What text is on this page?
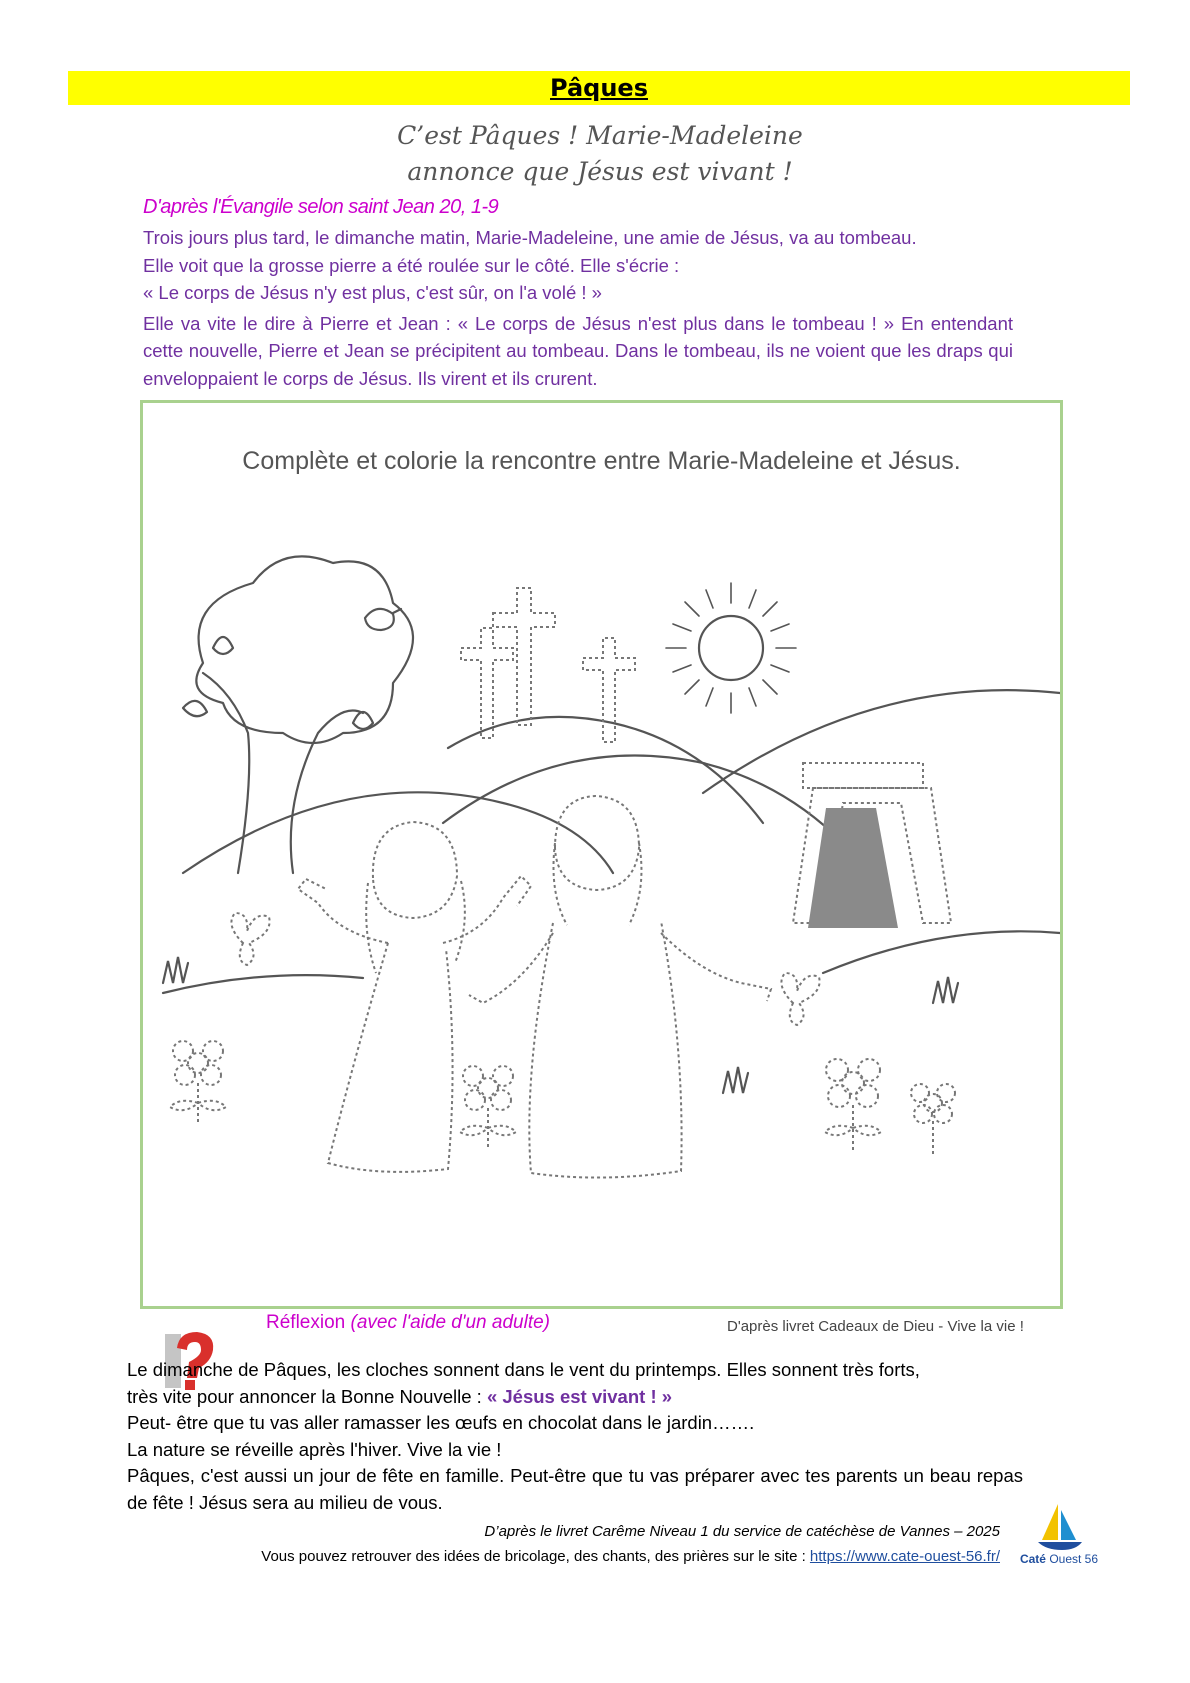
Pâques
C’est Pâques ! Marie-Madeleine
annonce que Jésus est vivant !
D'après l'Évangile selon saint Jean 20, 1-9

Trois jours plus tard, le dimanche matin, Marie-Madeleine, une amie de Jésus, va au tombeau.

Elle voit que la grosse pierre a été roulée sur le côté. Elle s'écrie :

« Le corps de Jésus n'y est plus, c'est sûr, on l'a volé ! »

Elle va vite le dire à Pierre et Jean : « Le corps de Jésus n'est plus dans le tombeau ! » En entendant cette nouvelle, Pierre et Jean se précipitent au tombeau. Dans le tombeau, ils ne voient que les draps qui enveloppaient le corps de Jésus. Ils virent et ils crurent.

Complète et colorie la rencontre entre Marie-Madeleine et Jésus.
Réflexion (avec l'aide d'un adulte)	D'après livret Cadeaux de Dieu - Vive la vie !

Le dimanche de Pâques, les cloches sonnent dans le vent du printemps. Elles sonnent très forts,

très vite pour annoncer la Bonne Nouvelle : « Jésus est vivant ! »

Peut- être que tu vas aller ramasser les œufs en chocolat dans le jardin…….

La nature se réveille après l'hiver. Vive la vie !

Pâques, c'est aussi un jour de fête en famille. Peut-être que tu vas préparer avec tes parents un beau repas de fête ! Jésus sera au milieu de vous.

D’après le livret Carême Niveau 1 du service de catéchèse de Vannes – 2025
Vous pouvez retrouver des idées de bricolage, des chants, des prières sur le site : https://www.cate-ouest-56.fr/	Caté Ouest 56
